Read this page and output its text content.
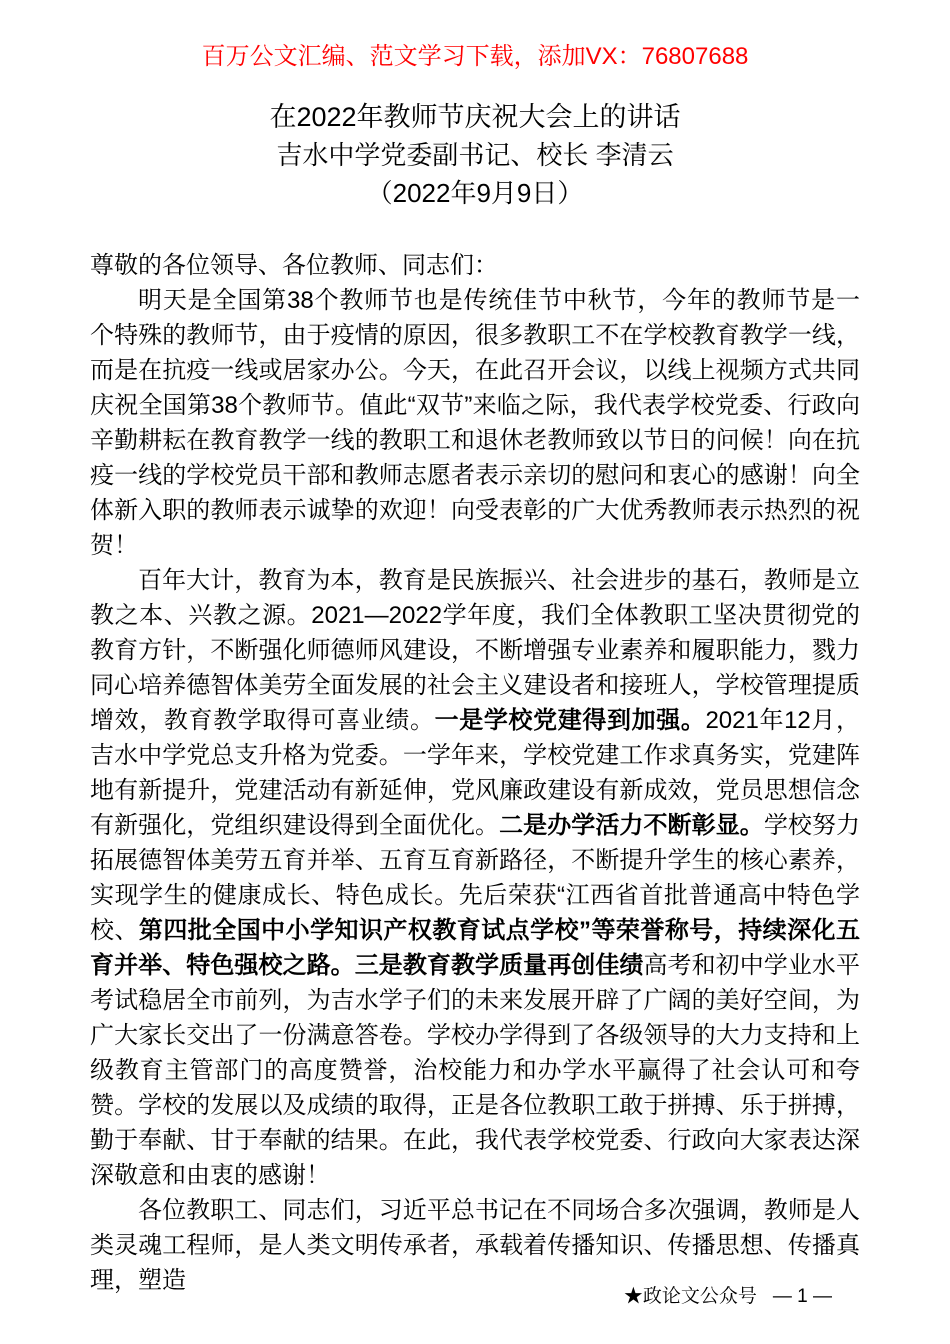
百万公文汇编、范文学习下载，添加VX：76807688
在2022年教师节庆祝大会上的讲话
吉水中学党委副书记、校长 李清云
（2022年9月9日）

尊敬的各位领导、各位教师、同志们：

明天是全国第38个教师节也是传统佳节中秋节，今年的教师节是一个特殊的教师节，由于疫情的原因，很多教职工不在学校教育教学一线，而是在抗疫一线或居家办公。今天，在此召开会议，以线上视频方式共同庆祝全国第38个教师节。值此“双节”来临之际，我代表学校党委、行政向辛勤耕耘在教育教学一线的教职工和退休老教师致以节日的问候！向在抗疫一线的学校党员干部和教师志愿者表示亲切的慰问和衷心的感谢！向全体新入职的教师表示诚挚的欢迎！向受表彰的广大优秀教师表示热烈的祝贺！

百年大计，教育为本，教育是民族振兴、社会进步的基石，教师是立教之本、兴教之源。2021—2022学年度，我们全体教职工坚决贯彻党的教育方针，不断强化师德师风建设，不断增强专业素养和履职能力，戮力同心培养德智体美劳全面发展的社会主义建设者和接班人，学校管理提质增效，教育教学取得可喜业绩。一是学校党建得到加强。2021年12月，吉水中学党总支升格为党委。一学年来，学校党建工作求真务实，党建阵地有新提升，党建活动有新延伸，党风廉政建设有新成效，党员思想信念有新强化，党组织建设得到全面优化。二是办学活力不断彰显。学校努力拓展德智体美劳五育并举、五育互育新路径，不断提升学生的核心素养，实现学生的健康成长、特色成长。先后荣获“江西省首批普通高中特色学校、第四批全国中小学知识产权教育试点学校”等荣誉称号，持续深化五育并举、特色强校之路。三是教育教学质量再创佳绩高考和初中学业水平考试稳居全市前列，为吉水学子们的未来发展开辟了广阔的美好空间，为广大家长交出了一份满意答卷。学校办学得到了各级领导的大力支持和上级教育主管部门的高度赞誉，治校能力和办学水平赢得了社会认可和夸赞。学校的发展以及成绩的取得，正是各位教职工敢于拼搏、乐于拼搏，勤于奉献、甘于奉献的结果。在此，我代表学校党委、行政向大家表达深深敬意和由衷的感谢！

各位教职工、同志们，习近平总书记在不同场合多次强调，教师是人类灵魂工程师，是人类文明传承者，承载着传播知识、传播思想、传播真理，塑造

★政论文公众号 — 1 —
